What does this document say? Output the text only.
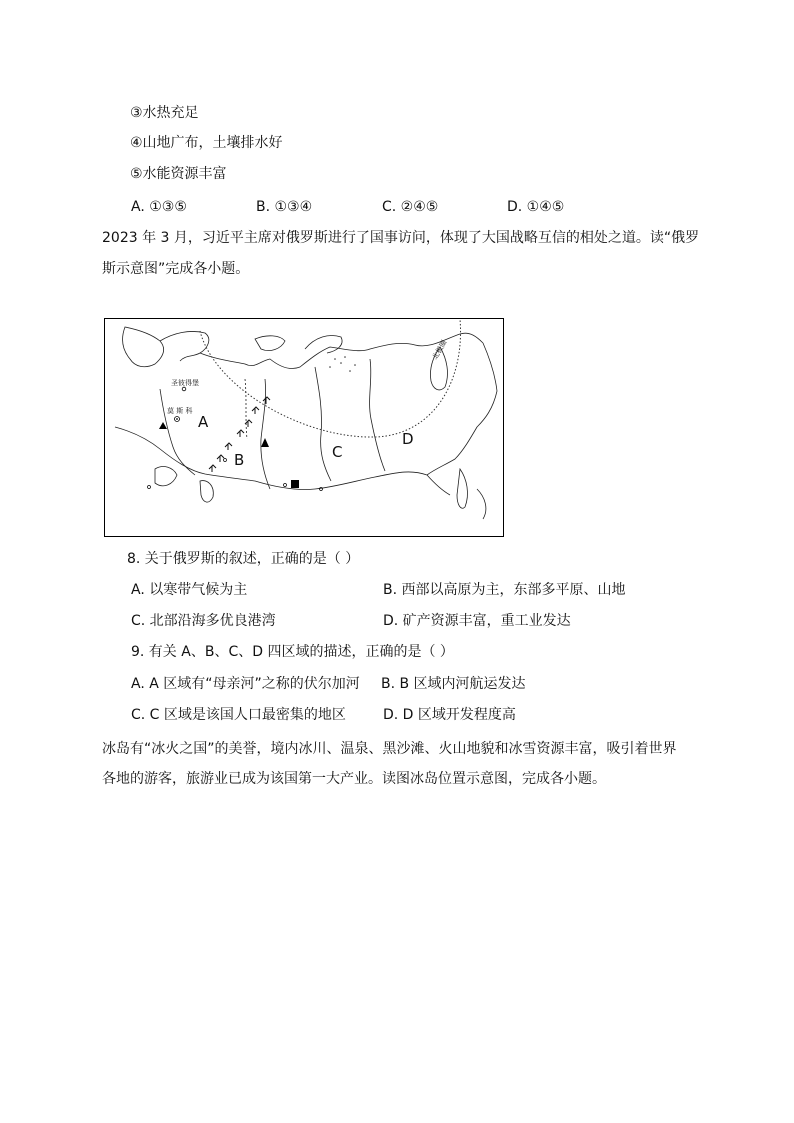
③水热充足
④山地广布，土壤排水好
⑤水能资源丰富
A. ①③⑤	B. ①③④	C. ②④⑤	D. ①④⑤
2023 年 3 月，习近平主席对俄罗斯进行了国事访问，体现了大国战略互信的相处之道。读“俄罗
斯示意图”完成各小题。
圣彼得堡
莫 斯 科
北极圈
A
B	C
D
8. 关于俄罗斯的叙述，正确的是（ ）
A. 以寒带气候为主	B. 西部以高原为主，东部多平原、山地
C. 北部沿海多优良港湾	D. 矿产资源丰富，重工业发达
9. 有关 A、B、C、D 四区域的描述，正确的是（ ）
A. A 区域有“母亲河”之称的伏尔加河 B. B 区域内河航运发达
C. C 区域是该国人口最密集的地区	D. D 区域开发程度高
冰岛有“冰火之国”的美誉，境内冰川、温泉、黑沙滩、火山地貌和冰雪资源丰富，吸引着世界
各地的游客，旅游业已成为该国第一大产业。读图冰岛位置示意图，完成各小题。
